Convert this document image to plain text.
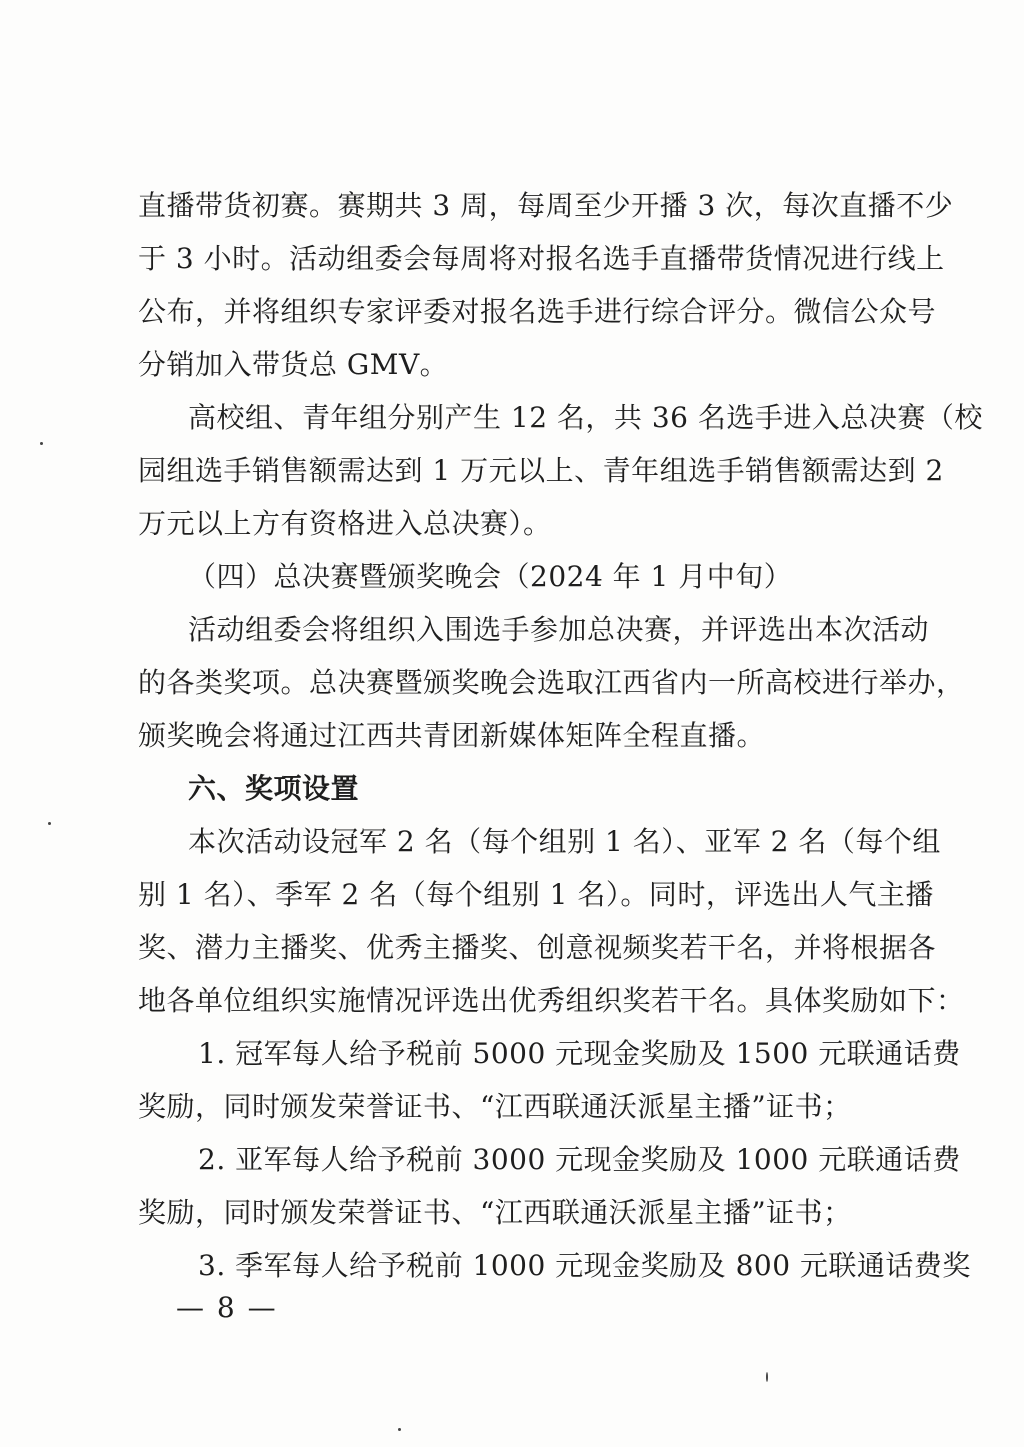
直播带货初赛。赛期共 3 周，每周至少开播 3 次，每次直播不少
于 3 小时。活动组委会每周将对报名选手直播带货情况进行线上
公布，并将组织专家评委对报名选手进行综合评分。微信公众号
分销加入带货总 GMV。
高校组、青年组分别产生 12 名，共 36 名选手进入总决赛（校
园组选手销售额需达到 1 万元以上、青年组选手销售额需达到 2
万元以上方有资格进入总决赛）。
（四）总决赛暨颁奖晚会（2024 年 1 月中旬）
活动组委会将组织入围选手参加总决赛，并评选出本次活动
的各类奖项。总决赛暨颁奖晚会选取江西省内一所高校进行举办，
颁奖晚会将通过江西共青团新媒体矩阵全程直播。
六、奖项设置
本次活动设冠军 2 名（每个组别 1 名）、亚军 2 名（每个组
别 1 名）、季军 2 名（每个组别 1 名）。同时，评选出人气主播
奖、潜力主播奖、优秀主播奖、创意视频奖若干名，并将根据各
地各单位组织实施情况评选出优秀组织奖若干名。具体奖励如下：
1. 冠军每人给予税前 5000 元现金奖励及 1500 元联通话费
奖励，同时颁发荣誉证书、“江西联通沃派星主播”证书；
2. 亚军每人给予税前 3000 元现金奖励及 1000 元联通话费
奖励，同时颁发荣誉证书、“江西联通沃派星主播”证书；
3. 季军每人给予税前 1000 元现金奖励及 800 元联通话费奖
— 8 —
